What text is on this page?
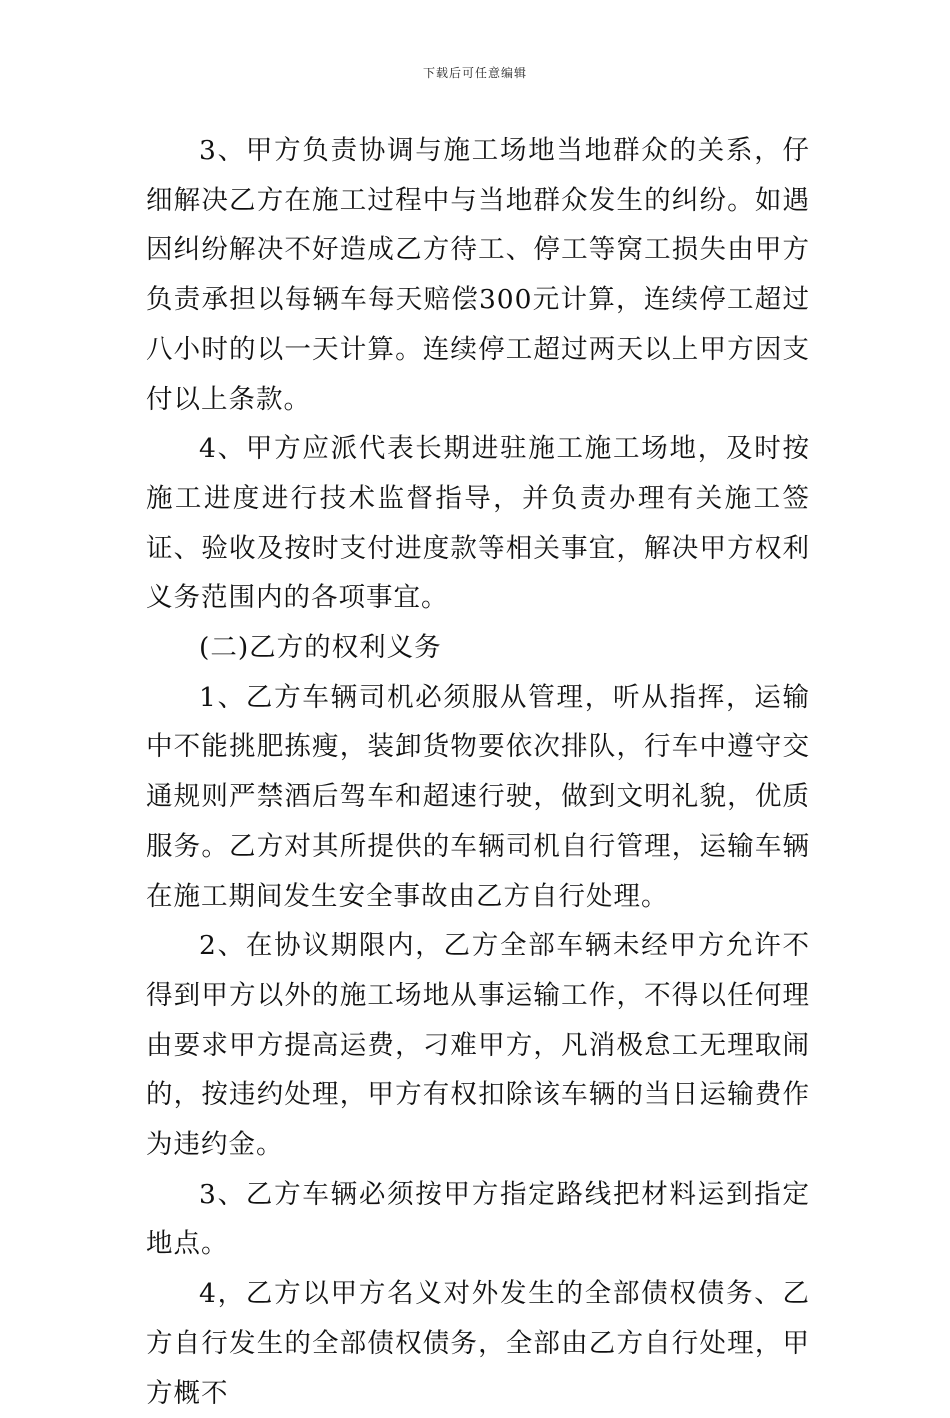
下载后可任意编辑

3、甲方负责协调与施工场地当地群众的关系，仔细解决乙方在施工过程中与当地群众发生的纠纷。如遇因纠纷解决不好造成乙方待工、停工等窝工损失由甲方负责承担以每辆车每天赔偿300元计算，连续停工超过八小时的以一天计算。连续停工超过两天以上甲方因支付以上条款。

4、甲方应派代表长期进驻施工施工场地，及时按施工进度进行技术监督指导，并负责办理有关施工签证、验收及按时支付进度款等相关事宜，解决甲方权利义务范围内的各项事宜。

(二)乙方的权利义务

1、乙方车辆司机必须服从管理，听从指挥，运输中不能挑肥拣瘦，装卸货物要依次排队，行车中遵守交通规则严禁酒后驾车和超速行驶，做到文明礼貌，优质服务。乙方对其所提供的车辆司机自行管理，运输车辆在施工期间发生安全事故由乙方自行处理。

2、在协议期限内，乙方全部车辆未经甲方允许不得到甲方以外的施工场地从事运输工作，不得以任何理由要求甲方提高运费，刁难甲方，凡消极怠工无理取闹的，按违约处理，甲方有权扣除该车辆的当日运输费作为违约金。

3、乙方车辆必须按甲方指定路线把材料运到指定地点。

4，乙方以甲方名义对外发生的全部债权债务、乙方自行发生的全部债权债务，全部由乙方自行处理，甲方概不
